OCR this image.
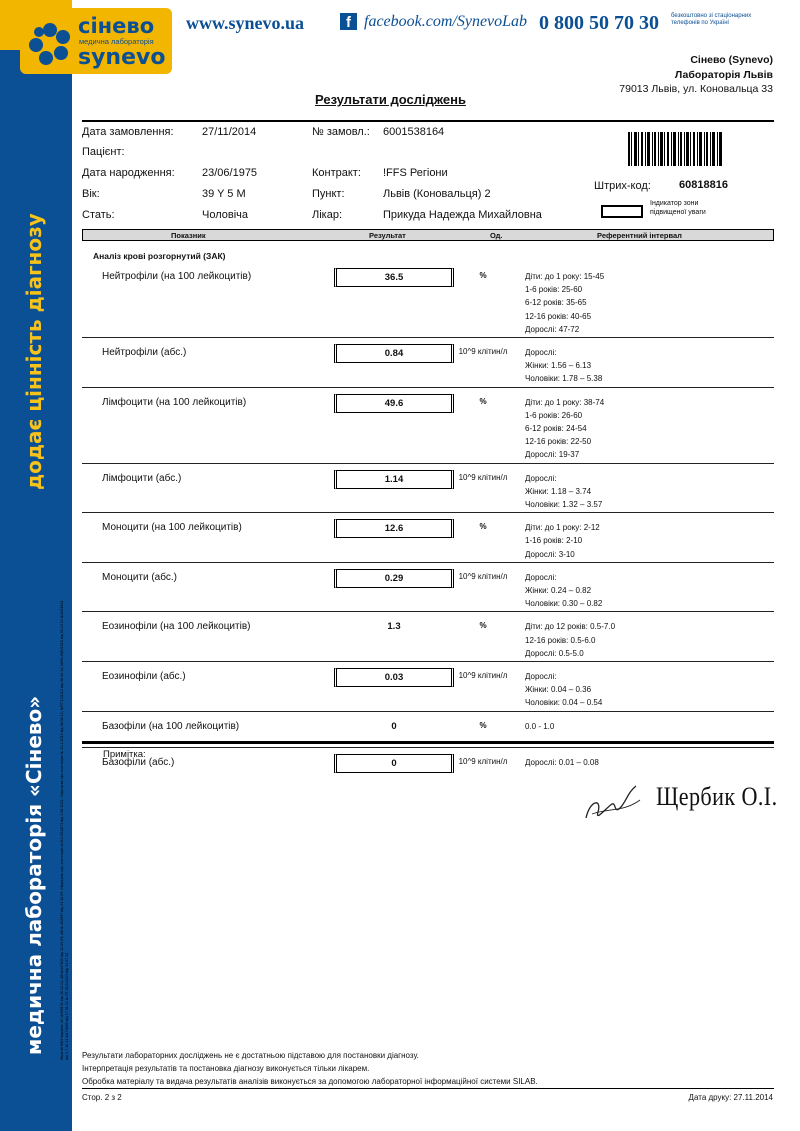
додає цінність діагнозу
медична лабораторія «Сінево»	Ліцензії МОЗ України: АГ №599151 від 26.12.11; АВ №447645 від 12.03.09; АВ № 492997 від 23.10.09. Свідоцтво про атестацію №413-002/872 від 2.08.2012. Свідоцтва про атестацію № 11-1-2012 від 06.04.12; №ПТ-12/1/12 від 06.04.12; №PO-49/К/2018 від 05.10.12 №4001861 від 1.7.18.11 №470890 від 17.01.11 № ПТ-01/11/013 від 31.07.12
сінево
медична лабораторія
synevo
www.synevo.ua	f facebook.com/SynevoLab 0 800 50 70 30 безкоштовно зі стаціонарних телефонів по Україні
Сінево (Synevo)
Лабораторія Львів
79013 Львів, ул. Коновальца 33
Результати досліджень
Дата замовлення:	27/11/2014	№ замовл.: 6001538164
Пацієнт:
Дата народження: 23/06/1975	Контракт: !FFS Регіони
Вік:	39 Y 5 M	Пункт:	Львів (Коновальця) 2
Стать:	Чоловіча	Лікар:	Прикуда Надежда Михайловна
Штрих-код:	60818816
Індикатор зони підвищеної уваги
Показник	Результат	Од.	Референтний інтервал
Аналіз крові розгорнутий (ЗАК)
Нейтрофіли (на 100 лейкоцитів)	36.5	%	Діти: до 1 року: 15-45
1-6 років: 25-60
6-12 років: 35-65
12-16 років: 40-65
Дорослі: 47-72
Нейтрофіли (абс.)	0.84	10^9 клітин/л Дорослі:
Жінки: 1.56 – 6.13
Чоловіки: 1.78 – 5.38
Лімфоцити (на 100 лейкоцитів)	49.6	%	Діти: до 1 року: 38-74
1-6 років: 26-60
6-12 років: 24-54
12-16 років: 22-50
Дорослі: 19-37
Лімфоцити (абс.)	1.14	10^9 клітин/л Дорослі:
Жінки: 1.18 – 3.74
Чоловіки: 1.32 – 3.57
Моноцити (на 100 лейкоцитів)	12.6	%	Діти: до 1 року: 2-12
1-16 років: 2-10
Дорослі: 3-10
Моноцити (абс.)	0.29	10^9 клітин/л Дорослі:
Жінки: 0.24 – 0.82
Чоловіки: 0.30 – 0.82
Еозинофіли (на 100 лейкоцитів)	1.3	%	Діти: до 12 років: 0.5-7.0
12-16 років: 0.5-6.0
Дорослі: 0.5-5.0
Еозинофіли (абс.)	0.03	10^9 клітин/л Дорослі:
Жінки: 0.04 – 0.36
Чоловіки: 0.04 – 0.54
Базофіли (на 100 лейкоцитів)	0	%	0.0 - 1.0
Базофіли (абс.)	0	10^9 клітин/л Дорослі: 0.01 – 0.08
Примітка:
Щербик О.І.
Результати лабораторних досліджень не є достатньою підставою для постановки діагнозу.
Інтерпретація результатів та постановка діагнозу виконується тільки лікарем.
Обробка матеріалу та видача результатів аналізів виконується за допомогою лабораторної інформаційної системи SILAB.
Стор. 2 з 2	Дата друку: 27.11.2014
